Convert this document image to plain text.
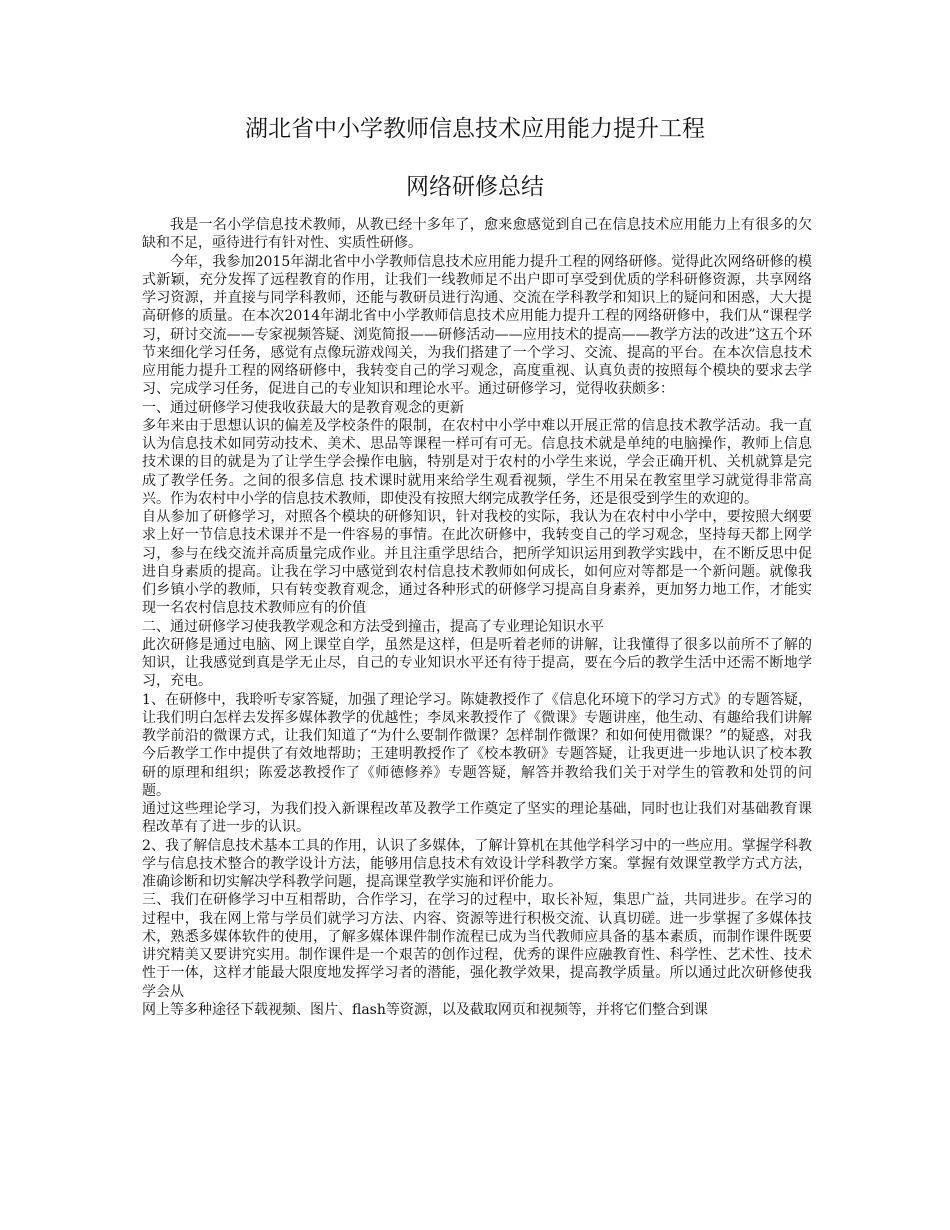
湖北省中小学教师信息技术应用能力提升工程
网络研修总结

我是一名小学信息技术教师，从教已经十多年了，愈来愈感觉到自己在信息技术应用能力上有很多的欠缺和不足，亟待进行有针对性、实质性研修。

今年，我参加2015年湖北省中小学教师信息技术应用能力提升工程的网络研修。觉得此次网络研修的模式新颖，充分发挥了远程教育的作用，让我们一线教师足不出户即可享受到优质的学科研修资源，共享网络学习资源，并直接与同学科教师，还能与教研员进行沟通、交流在学科教学和知识上的疑问和困惑，大大提高研修的质量。在本次2014年湖北省中小学教师信息技术应用能力提升工程的网络研修中，我们从“课程学习，研讨交流——专家视频答疑、浏览简报——研修活动——应用技术的提高——教学方法的改进”这五个环节来细化学习任务，感觉有点像玩游戏闯关，为我们搭建了一个学习、交流、提高的平台。在本次信息技术应用能力提升工程的网络研修中，我转变自己的学习观念，高度重视、认真负责的按照每个模块的要求去学习、完成学习任务，促进自己的专业知识和理论水平。通过研修学习，觉得收获颇多：

一、通过研修学习使我收获最大的是教育观念的更新

多年来由于思想认识的偏差及学校条件的限制，在农村中小学中难以开展正常的信息技术教学活动。我一直认为信息技术如同劳动技术、美术、思品等课程一样可有可无。信息技术就是单纯的电脑操作，教师上信息技术课的目的就是为了让学生学会操作电脑，特别是对于农村的小学生来说，学会正确开机、关机就算是完成了教学任务。之间的很多信息 技术课时就用来给学生观看视频，学生不用呆在教室里学习就觉得非常高兴。作为农村中小学的信息技术教师，即使没有按照大纲完成教学任务，还是很受到学生的欢迎的。

自从参加了研修学习，对照各个模块的研修知识，针对我校的实际，我认为在农村中小学中，要按照大纲要求上好一节信息技术课并不是一件容易的事情。在此次研修中，我转变自己的学习观念，坚持每天都上网学习，参与在线交流并高质量完成作业。并且注重学思结合，把所学知识运用到教学实践中，在不断反思中促进自身素质的提高。让我在学习中感觉到农村信息技术教师如何成长，如何应对等都是一个新问题。就像我们乡镇小学的教师，只有转变教育观念，通过各种形式的研修学习提高自身素养，更加努力地工作，才能实现一名农村信息技术教师应有的价值

二、通过研修学习使我教学观念和方法受到撞击，提高了专业理论知识水平

此次研修是通过电脑、网上课堂自学，虽然是这样，但是听着老师的讲解，让我懂得了很多以前所不了解的知识，让我感觉到真是学无止尽，自己的专业知识水平还有待于提高，要在今后的教学生活中还需不断地学习，充电。

1、在研修中，我聆听专家答疑，加强了理论学习。陈婕教授作了《信息化环境下的学习方式》的专题答疑，让我们明白怎样去发挥多媒体教学的优越性；李凤来教授作了《微课》专题讲座，他生动、有趣给我们讲解教学前沿的微课方式，让我们知道了“为什么要制作微课？怎样制作微课？和如何使用微课？”的疑惑，对我今后教学工作中提供了有效地帮助；王建明教授作了《校本教研》专题答疑，让我更进一步地认识了校本教研的原理和组织；陈爱苾教授作了《师德修养》专题答疑，解答并教给我们关于对学生的管教和处罚的问题。

通过这些理论学习，为我们投入新课程改革及教学工作奠定了坚实的理论基础，同时也让我们对基础教育课程改革有了进一步的认识。

2、我了解信息技术基本工具的作用，认识了多媒体，了解计算机在其他学科学习中的一些应用。掌握学科教学与信息技术整合的教学设计方法，能够用信息技术有效设计学科教学方案。掌握有效课堂教学方式方法，准确诊断和切实解决学科教学问题，提高课堂教学实施和评价能力。

三、我们在研修学习中互相帮助，合作学习，在学习的过程中，取长补短，集思广益，共同进步。在学习的过程中，我在网上常与学员们就学习方法、内容、资源等进行积极交流、认真切磋。进一步掌握了多媒体技术，熟悉多媒体软件的使用，了解多媒体课件制作流程已成为当代教师应具备的基本素质，而制作课件既要讲究精美又要讲究实用。制作课件是一个艰苦的创作过程，优秀的课件应融教育性、科学性、艺术性、技术性于一体，这样才能最大限度地发挥学习者的潜能，强化教学效果，提高教学质量。所以通过此次研修使我学会从

网上等多种途径下载视频、图片、flash等资源，以及截取网页和视频等，并将它们整合到课
